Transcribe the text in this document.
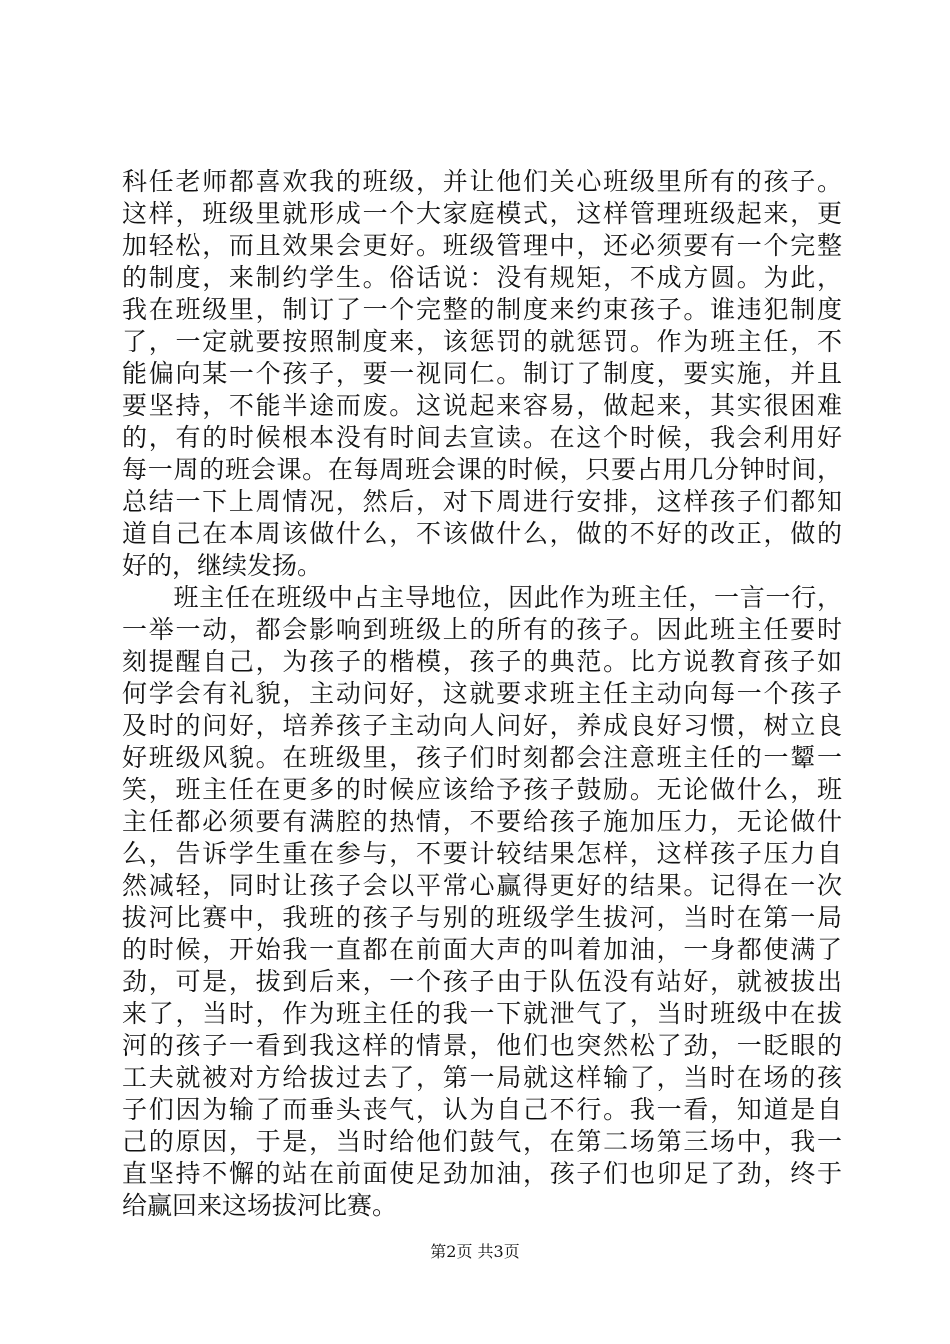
科任老师都喜欢我的班级，并让他们关心班级里所有的孩子。
这样，班级里就形成一个大家庭模式，这样管理班级起来，更
加轻松，而且效果会更好。班级管理中，还必须要有一个完整
的制度，来制约学生。俗话说：没有规矩，不成方圆。为此，
我在班级里，制订了一个完整的制度来约束孩子。谁违犯制度
了，一定就要按照制度来，该惩罚的就惩罚。作为班主任，不
能偏向某一个孩子，要一视同仁。制订了制度，要实施，并且
要坚持，不能半途而废。这说起来容易，做起来，其实很困难
的，有的时候根本没有时间去宣读。在这个时候，我会利用好
每一周的班会课。在每周班会课的时候，只要占用几分钟时间，
总结一下上周情况，然后，对下周进行安排，这样孩子们都知
道自己在本周该做什么，不该做什么，做的不好的改正，做的
好的，继续发扬。
　　班主任在班级中占主导地位，因此作为班主任，一言一行，
一举一动，都会影响到班级上的所有的孩子。因此班主任要时
刻提醒自己，为孩子的楷模，孩子的典范。比方说教育孩子如
何学会有礼貌，主动问好，这就要求班主任主动向每一个孩子
及时的问好，培养孩子主动向人问好，养成良好习惯，树立良
好班级风貌。在班级里，孩子们时刻都会注意班主任的一颦一
笑，班主任在更多的时候应该给予孩子鼓励。无论做什么，班
主任都必须要有满腔的热情，不要给孩子施加压力，无论做什
么，告诉学生重在参与，不要计较结果怎样，这样孩子压力自
然减轻，同时让孩子会以平常心赢得更好的结果。记得在一次
拔河比赛中，我班的孩子与别的班级学生拔河，当时在第一局
的时候，开始我一直都在前面大声的叫着加油，一身都使满了
劲，可是，拔到后来，一个孩子由于队伍没有站好，就被拔出
来了，当时，作为班主任的我一下就泄气了，当时班级中在拔
河的孩子一看到我这样的情景，他们也突然松了劲，一眨眼的
工夫就被对方给拔过去了，第一局就这样输了，当时在场的孩
子们因为输了而垂头丧气，认为自己不行。我一看，知道是自
己的原因，于是，当时给他们鼓气，在第二场第三场中，我一
直坚持不懈的站在前面使足劲加油，孩子们也卯足了劲，终于
给赢回来这场拔河比赛。
第2页 共3页
